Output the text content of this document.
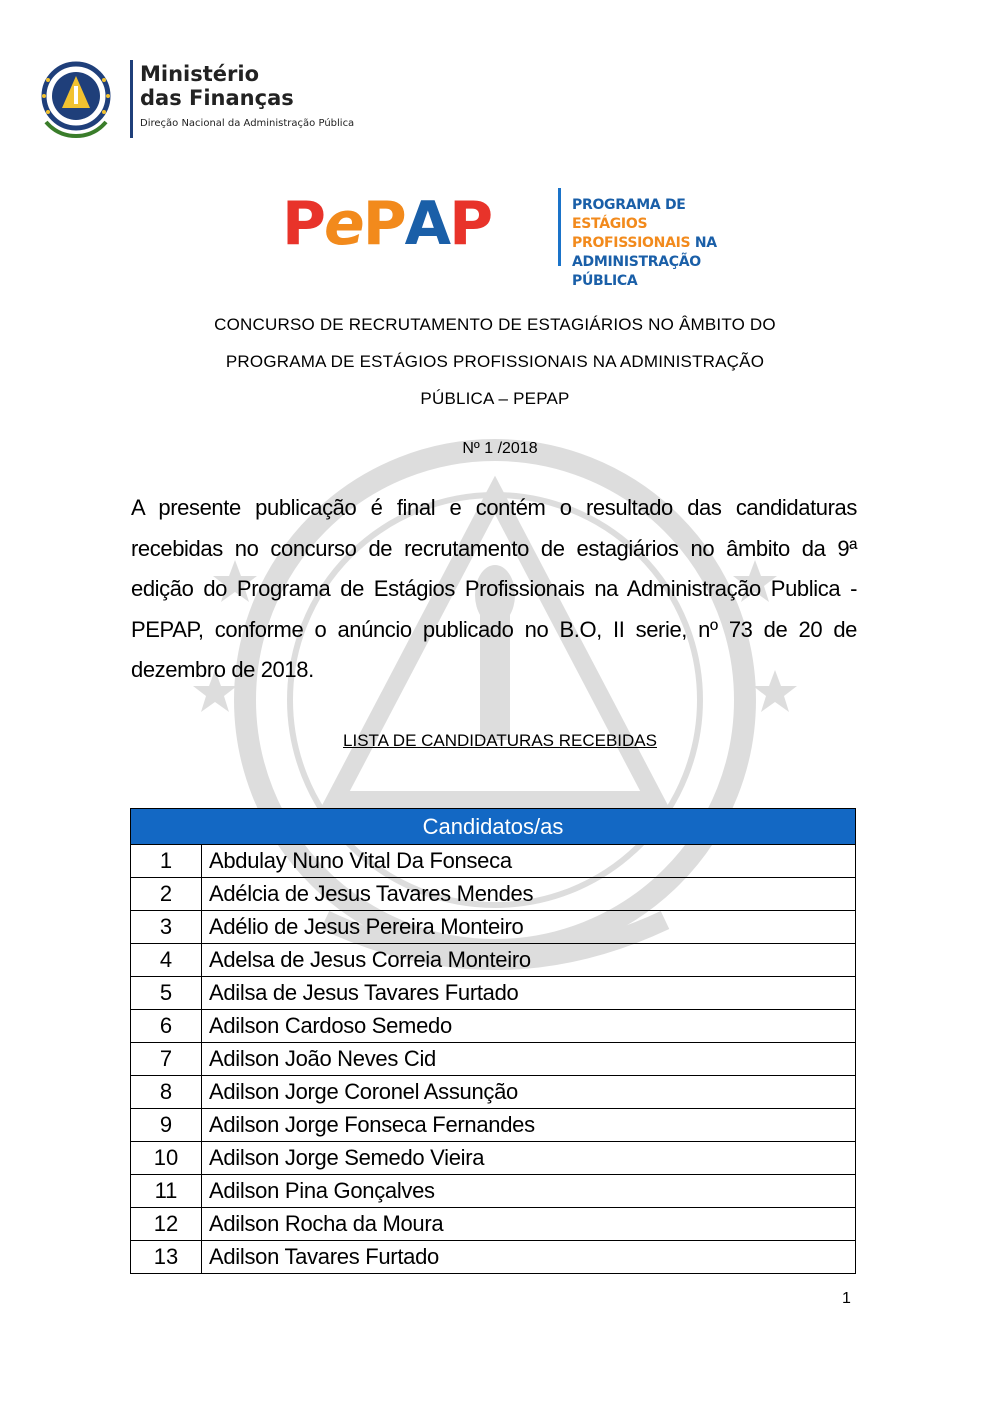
Ministério
das Finanças
Direção Nacional da Administração Pública
PePAP	PROGRAMA DE ESTÁGIOS
PROFISSIONAIS NA
ADMINISTRAÇÃO PÚBLICA
CONCURSO DE RECRUTAMENTO DE ESTAGIÁRIOS NO ÂMBITO DO
PROGRAMA DE ESTÁGIOS PROFISSIONAIS NA ADMINISTRAÇÃO
PÚBLICA – PEPAP
Nº 1 /2018
A presente publicação é final e contém o resultado das candidaturas recebidas no concurso de recrutamento de estagiários no âmbito da 9ª edição do Programa de Estágios Profissionais na Administração Publica - PEPAP, conforme o anúncio publicado no B.O, II serie, nº 73 de 20 de dezembro de 2018.
LISTA DE CANDIDATURAS RECEBIDAS
Candidatos/as	
1	Abdulay Nuno Vital Da Fonseca
2	Adélcia de Jesus Tavares Mendes
3	Adélio de Jesus Pereira Monteiro
4	Adelsa de Jesus Correia Monteiro
5	Adilsa de Jesus Tavares Furtado
6	Adilson Cardoso Semedo
7	Adilson João Neves Cid
8	Adilson Jorge Coronel Assunção
9	Adilson Jorge Fonseca Fernandes
10	Adilson Jorge Semedo Vieira
11	Adilson Pina Gonçalves
12	Adilson Rocha da Moura
13	Adilson Tavares Furtado
1
